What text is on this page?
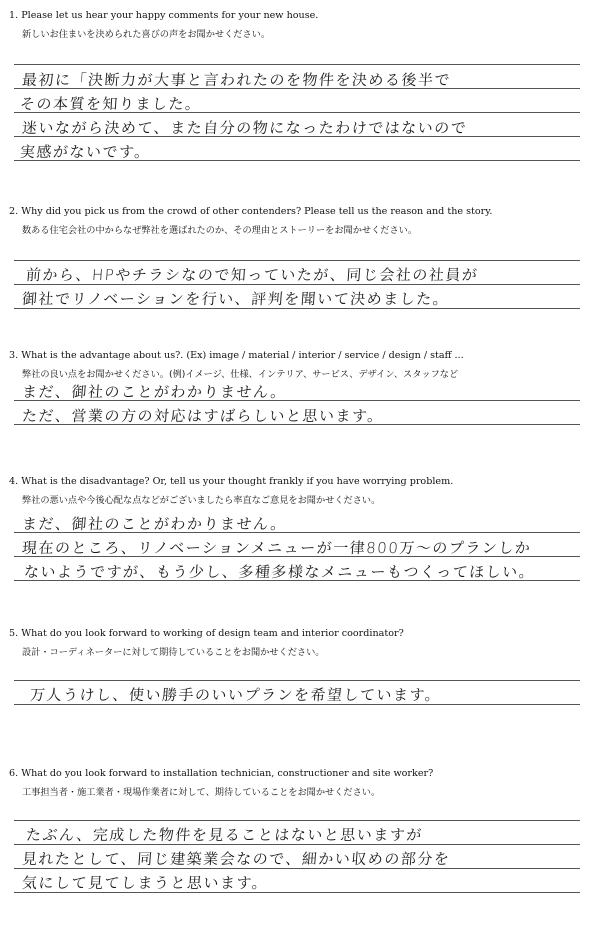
1. Please let us hear your happy comments for your new house.
新しいお住まいを決められた喜びの声をお聞かせください。
最初に「決断力が大事と言われたのを物件を決める後半で
その本質を知りました。
迷いながら決めて、また自分の物になったわけではないので
実感がないです。
2. Why did you pick us from the crowd of other contenders? Please tell us the reason and the story.
数ある住宅会社の中からなぜ弊社を選ばれたのか、その理由とストーリーをお聞かせください。
前から、HPやチラシなので知っていたが、同じ会社の社員が
御社でリノベーションを行い、評判を聞いて決めました。
3. What is the advantage about us?. (Ex) image / material / interior / service / design / staff ...
弊社の良い点をお聞かせください。(例)イメージ、仕様、インテリア、サービス、デザイン、スタッフなど
まだ、御社のことがわかりません。
ただ、営業の方の対応はすばらしいと思います。
4. What is the disadvantage? Or, tell us your thought frankly if you have worrying problem.
弊社の悪い点や今後心配な点などがございましたら率直なご意見をお聞かせください。
まだ、御社のことがわかりません。
現在のところ、リノベーションメニューが一律800万〜のプランしか
ないようですが、もう少し、多種多様なメニューもつくってほしい。
5. What do you look forward to working of design team and interior coordinator?
設計・コーディネーターに対して期待していることをお聞かせください。
万人うけし、使い勝手のいいプランを希望しています。
6. What do you look forward to installation technician, constructioner and site worker?
工事担当者・施工業者・現場作業者に対して、期待していることをお聞かせください。
たぶん、完成した物件を見ることはないと思いますが
見れたとして、同じ建築業会なので、細かい収めの部分を
気にして見てしまうと思います。
